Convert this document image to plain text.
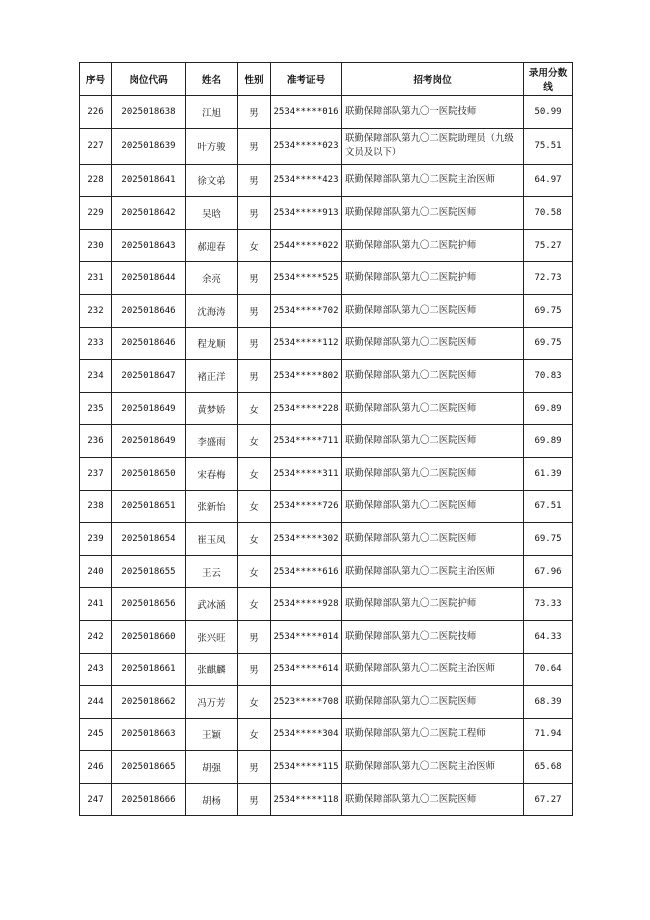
序号	岗位代码	姓名	性别	准考证号	招考岗位	录用分数线
226	2025018638	江旭	男	2534*****016	联勤保障部队第九〇一医院技师	50.99
227	2025018639	叶方骏	男	2534*****023	联勤保障部队第九〇二医院助理员（九级文员及以下）	75.51
228	2025018641	徐文弟	男	2534*****423	联勤保障部队第九〇二医院主治医师	64.97
229	2025018642	吴晗	男	2534*****913	联勤保障部队第九〇二医院医师	70.58
230	2025018643	郝迎春	女	2544*****022	联勤保障部队第九〇二医院护师	75.27
231	2025018644	余亮	男	2534*****525	联勤保障部队第九〇二医院护师	72.73
232	2025018646	沈海涛	男	2534*****702	联勤保障部队第九〇二医院医师	69.75
233	2025018646	程龙顺	男	2534*****112	联勤保障部队第九〇二医院医师	69.75
234	2025018647	褚正洋	男	2534*****802	联勤保障部队第九〇二医院医师	70.83
235	2025018649	黄梦娇	女	2534*****228	联勤保障部队第九〇二医院医师	69.89
236	2025018649	李盛雨	女	2534*****711	联勤保障部队第九〇二医院医师	69.89
237	2025018650	宋春梅	女	2534*****311	联勤保障部队第九〇二医院医师	61.39
238	2025018651	张新怡	女	2534*****726	联勤保障部队第九〇二医院医师	67.51
239	2025018654	崔玉凤	女	2534*****302	联勤保障部队第九〇二医院医师	69.75
240	2025018655	王云	女	2534*****616	联勤保障部队第九〇二医院主治医师	67.96
241	2025018656	武冰涵	女	2534*****928	联勤保障部队第九〇二医院护师	73.33
242	2025018660	张兴旺	男	2534*****014	联勤保障部队第九〇二医院技师	64.33
243	2025018661	张麒麟	男	2534*****614	联勤保障部队第九〇二医院主治医师	70.64
244	2025018662	冯万芳	女	2523*****708	联勤保障部队第九〇二医院医师	68.39
245	2025018663	王颖	女	2534*****304	联勤保障部队第九〇二医院工程师	71.94
246	2025018665	胡强	男	2534*****115	联勤保障部队第九〇二医院主治医师	65.68
247	2025018666	胡杨	男	2534*****118	联勤保障部队第九〇二医院医师	67.27
